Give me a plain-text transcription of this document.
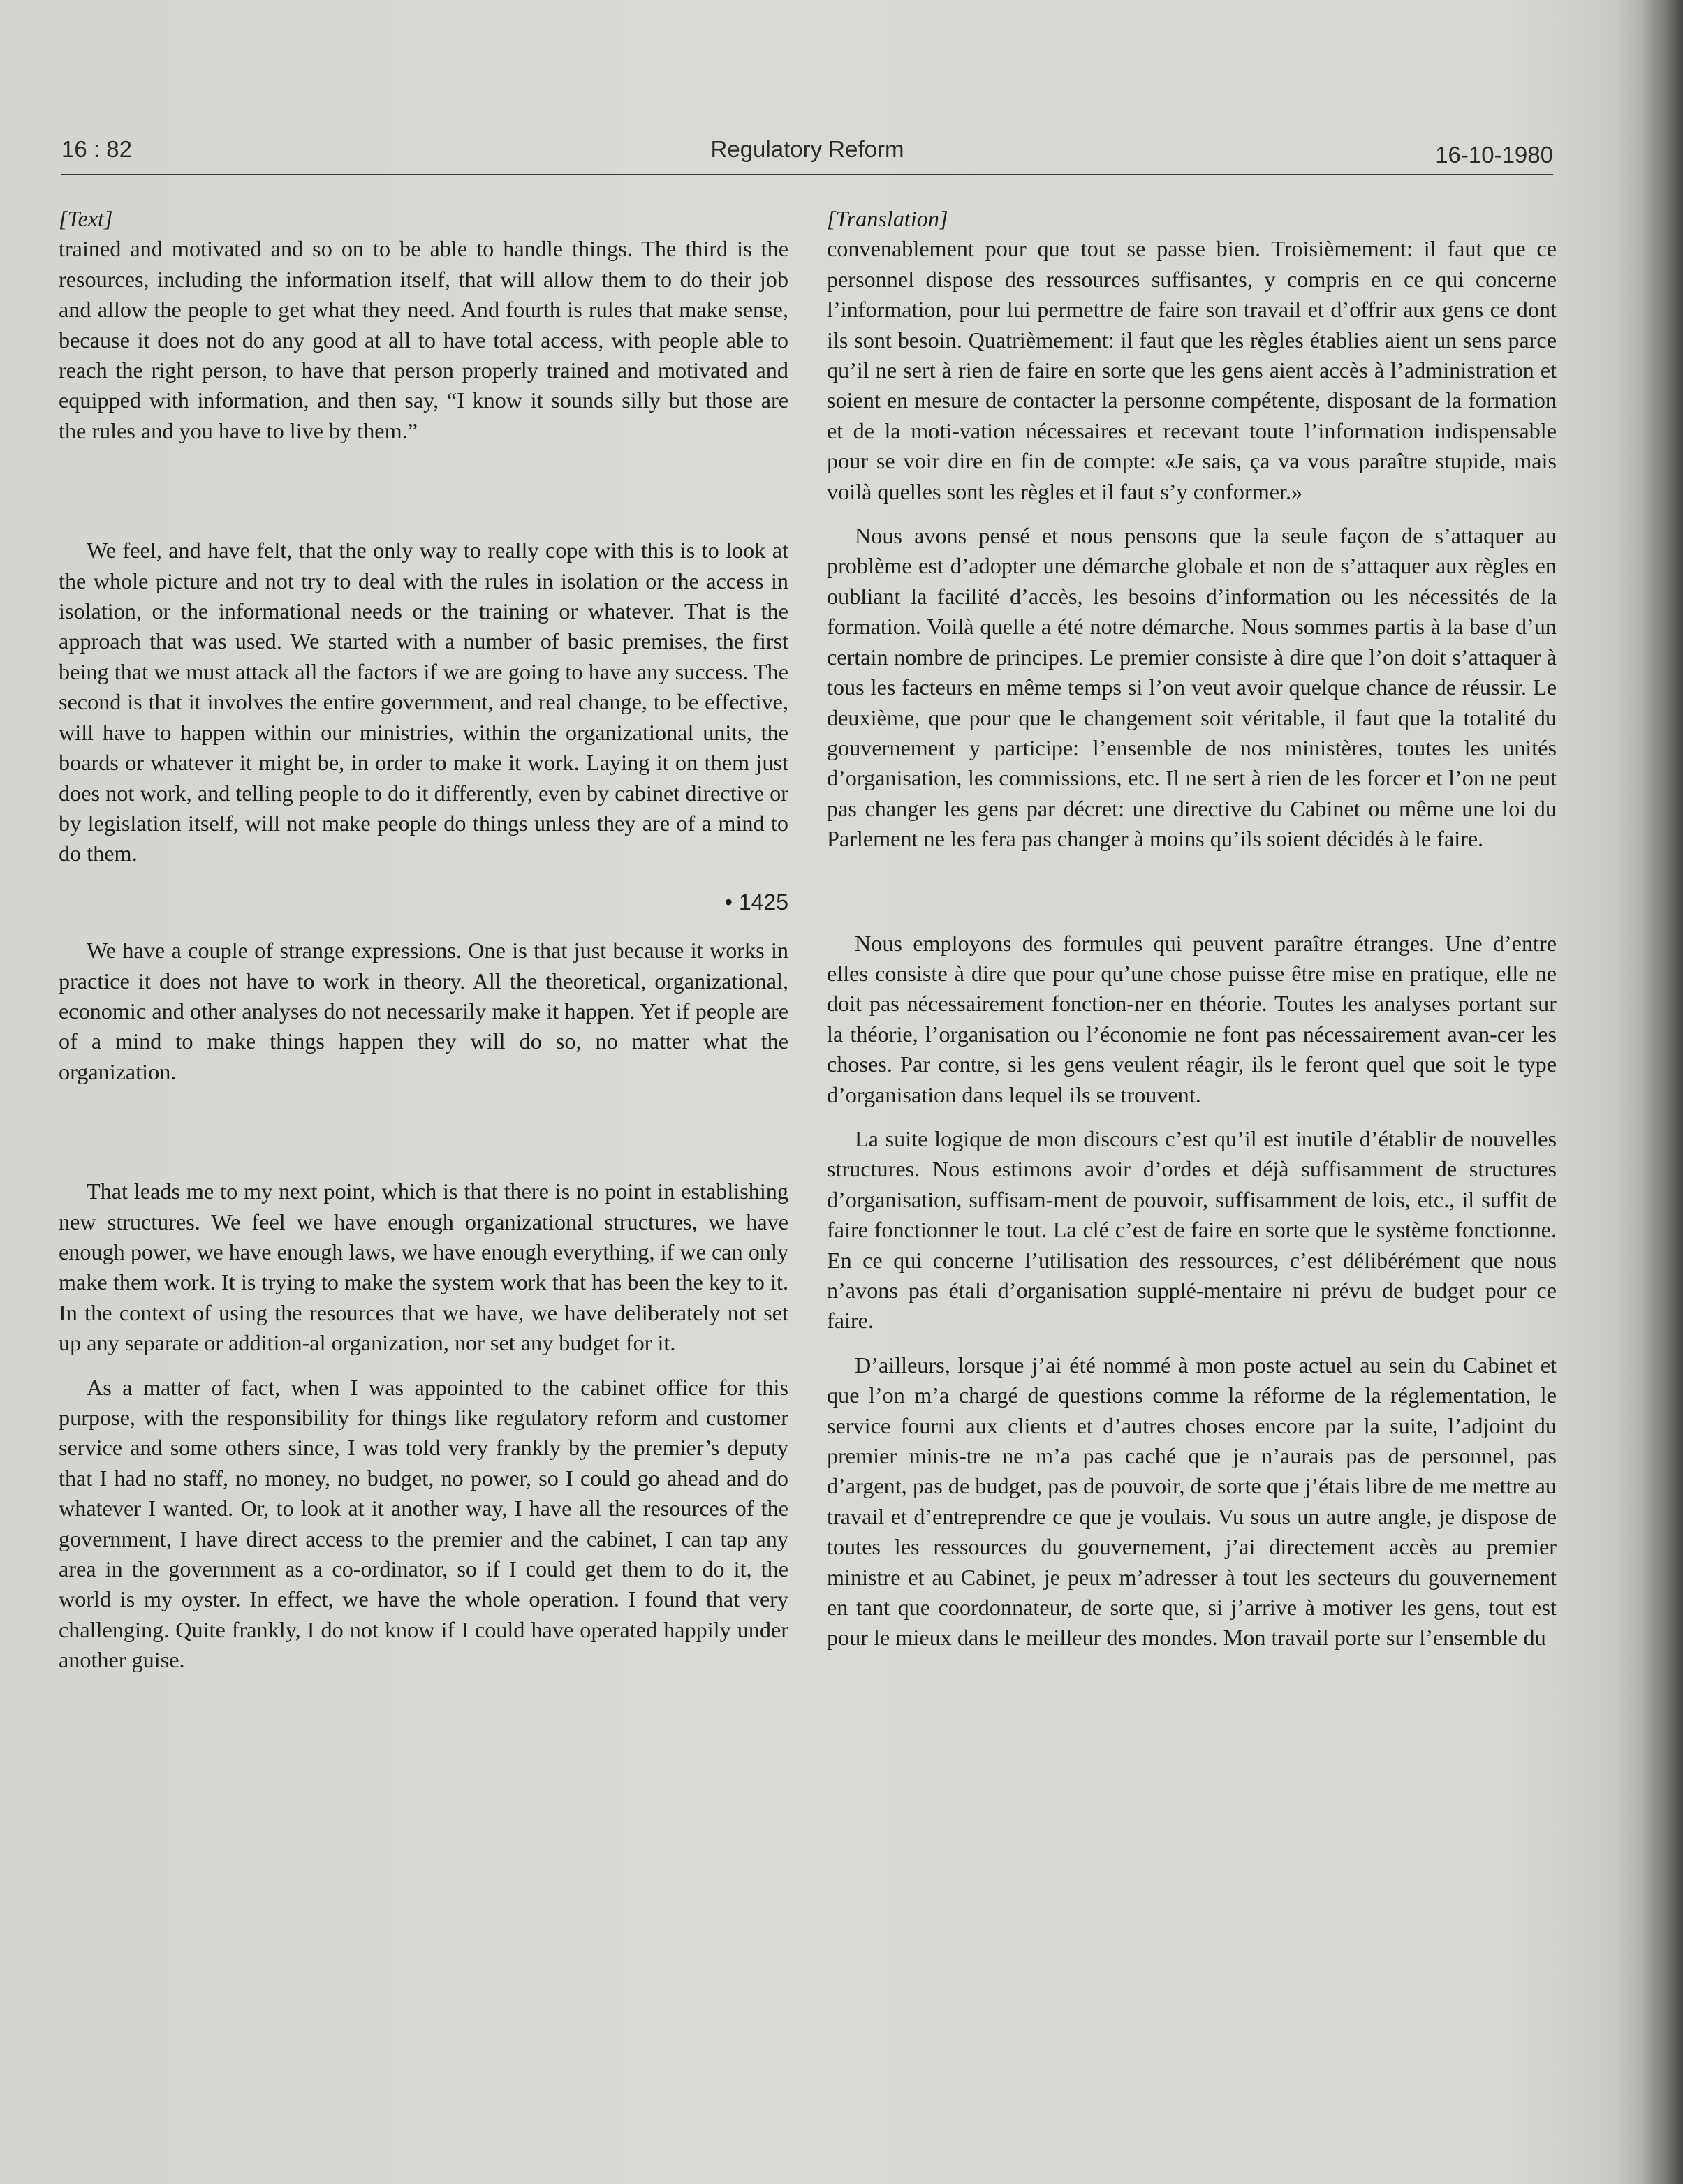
16 : 82	Regulatory Reform	16-10-1980

[Text]

trained and motivated and so on to be able to handle things. The third is the resources, including the information itself, that will allow them to do their job and allow the people to get what they need. And fourth is rules that make sense, because it does not do any good at all to have total access, with people able to reach the right person, to have that person properly trained and motivated and equipped with information, and then say, “I know it sounds silly but those are the rules and you have to live by them.”

We feel, and have felt, that the only way to really cope with this is to look at the whole picture and not try to deal with the rules in isolation or the access in isolation, or the informational needs or the training or whatever. That is the approach that was used. We started with a number of basic premises, the first being that we must attack all the factors if we are going to have any success. The second is that it involves the entire government, and real change, to be effective, will have to happen within our ministries, within the organizational units, the boards or whatever it might be, in order to make it work. Laying it on them just does not work, and telling people to do it differently, even by cabinet directive or by legislation itself, will not make people do things unless they are of a mind to do them.

• 1425

We have a couple of strange expressions. One is that just because it works in practice it does not have to work in theory. All the theoretical, organizational, economic and other analyses do not necessarily make it happen. Yet if people are of a mind to make things happen they will do so, no matter what the organization.

That leads me to my next point, which is that there is no point in establishing new structures. We feel we have enough organizational structures, we have enough power, we have enough laws, we have enough everything, if we can only make them work. It is trying to make the system work that has been the key to it. In the context of using the resources that we have, we have deliberately not set up any separate or addition-al organization, nor set any budget for it.

As a matter of fact, when I was appointed to the cabinet office for this purpose, with the responsibility for things like regulatory reform and customer service and some others since, I was told very frankly by the premier’s deputy that I had no staff, no money, no budget, no power, so I could go ahead and do whatever I wanted. Or, to look at it another way, I have all the resources of the government, I have direct access to the premier and the cabinet, I can tap any area in the government as a co-ordinator, so if I could get them to do it, the world is my oyster. In effect, we have the whole operation. I found that very challenging. Quite frankly, I do not know if I could have operated happily under another guise.

[Translation]

convenablement pour que tout se passe bien. Troisièmement: il faut que ce personnel dispose des ressources suffisantes, y compris en ce qui concerne l’information, pour lui permettre de faire son travail et d’offrir aux gens ce dont ils sont besoin. Quatrièmement: il faut que les règles établies aient un sens parce qu’il ne sert à rien de faire en sorte que les gens aient accès à l’administration et soient en mesure de contacter la personne compétente, disposant de la formation et de la moti-vation nécessaires et recevant toute l’information indispensable pour se voir dire en fin de compte: «Je sais, ça va vous paraître stupide, mais voilà quelles sont les règles et il faut s’y conformer.»

Nous avons pensé et nous pensons que la seule façon de s’attaquer au problème est d’adopter une démarche globale et non de s’attaquer aux règles en oubliant la facilité d’accès, les besoins d’information ou les nécessités de la formation. Voilà quelle a été notre démarche. Nous sommes partis à la base d’un certain nombre de principes. Le premier consiste à dire que l’on doit s’attaquer à tous les facteurs en même temps si l’on veut avoir quelque chance de réussir. Le deuxième, que pour que le changement soit véritable, il faut que la totalité du gouvernement y participe: l’ensemble de nos ministères, toutes les unités d’organisation, les commissions, etc. Il ne sert à rien de les forcer et l’on ne peut pas changer les gens par décret: une directive du Cabinet ou même une loi du Parlement ne les fera pas changer à moins qu’ils soient décidés à le faire.

Nous employons des formules qui peuvent paraître étranges. Une d’entre elles consiste à dire que pour qu’une chose puisse être mise en pratique, elle ne doit pas nécessairement fonction-ner en théorie. Toutes les analyses portant sur la théorie, l’organisation ou l’économie ne font pas nécessairement avan-cer les choses. Par contre, si les gens veulent réagir, ils le feront quel que soit le type d’organisation dans lequel ils se trouvent.

La suite logique de mon discours c’est qu’il est inutile d’établir de nouvelles structures. Nous estimons avoir d’ordes et déjà suffisamment de structures d’organisation, suffisam-ment de pouvoir, suffisamment de lois, etc., il suffit de faire fonctionner le tout. La clé c’est de faire en sorte que le système fonctionne. En ce qui concerne l’utilisation des ressources, c’est délibérément que nous n’avons pas étali d’organisation supplé-mentaire ni prévu de budget pour ce faire.

D’ailleurs, lorsque j’ai été nommé à mon poste actuel au sein du Cabinet et que l’on m’a chargé de questions comme la réforme de la réglementation, le service fourni aux clients et d’autres choses encore par la suite, l’adjoint du premier minis-tre ne m’a pas caché que je n’aurais pas de personnel, pas d’argent, pas de budget, pas de pouvoir, de sorte que j’étais libre de me mettre au travail et d’entreprendre ce que je voulais. Vu sous un autre angle, je dispose de toutes les ressources du gouvernement, j’ai directement accès au premier ministre et au Cabinet, je peux m’adresser à tout les secteurs du gouvernement en tant que coordonnateur, de sorte que, si j’arrive à motiver les gens, tout est pour le mieux dans le meilleur des mondes. Mon travail porte sur l’ensemble du
